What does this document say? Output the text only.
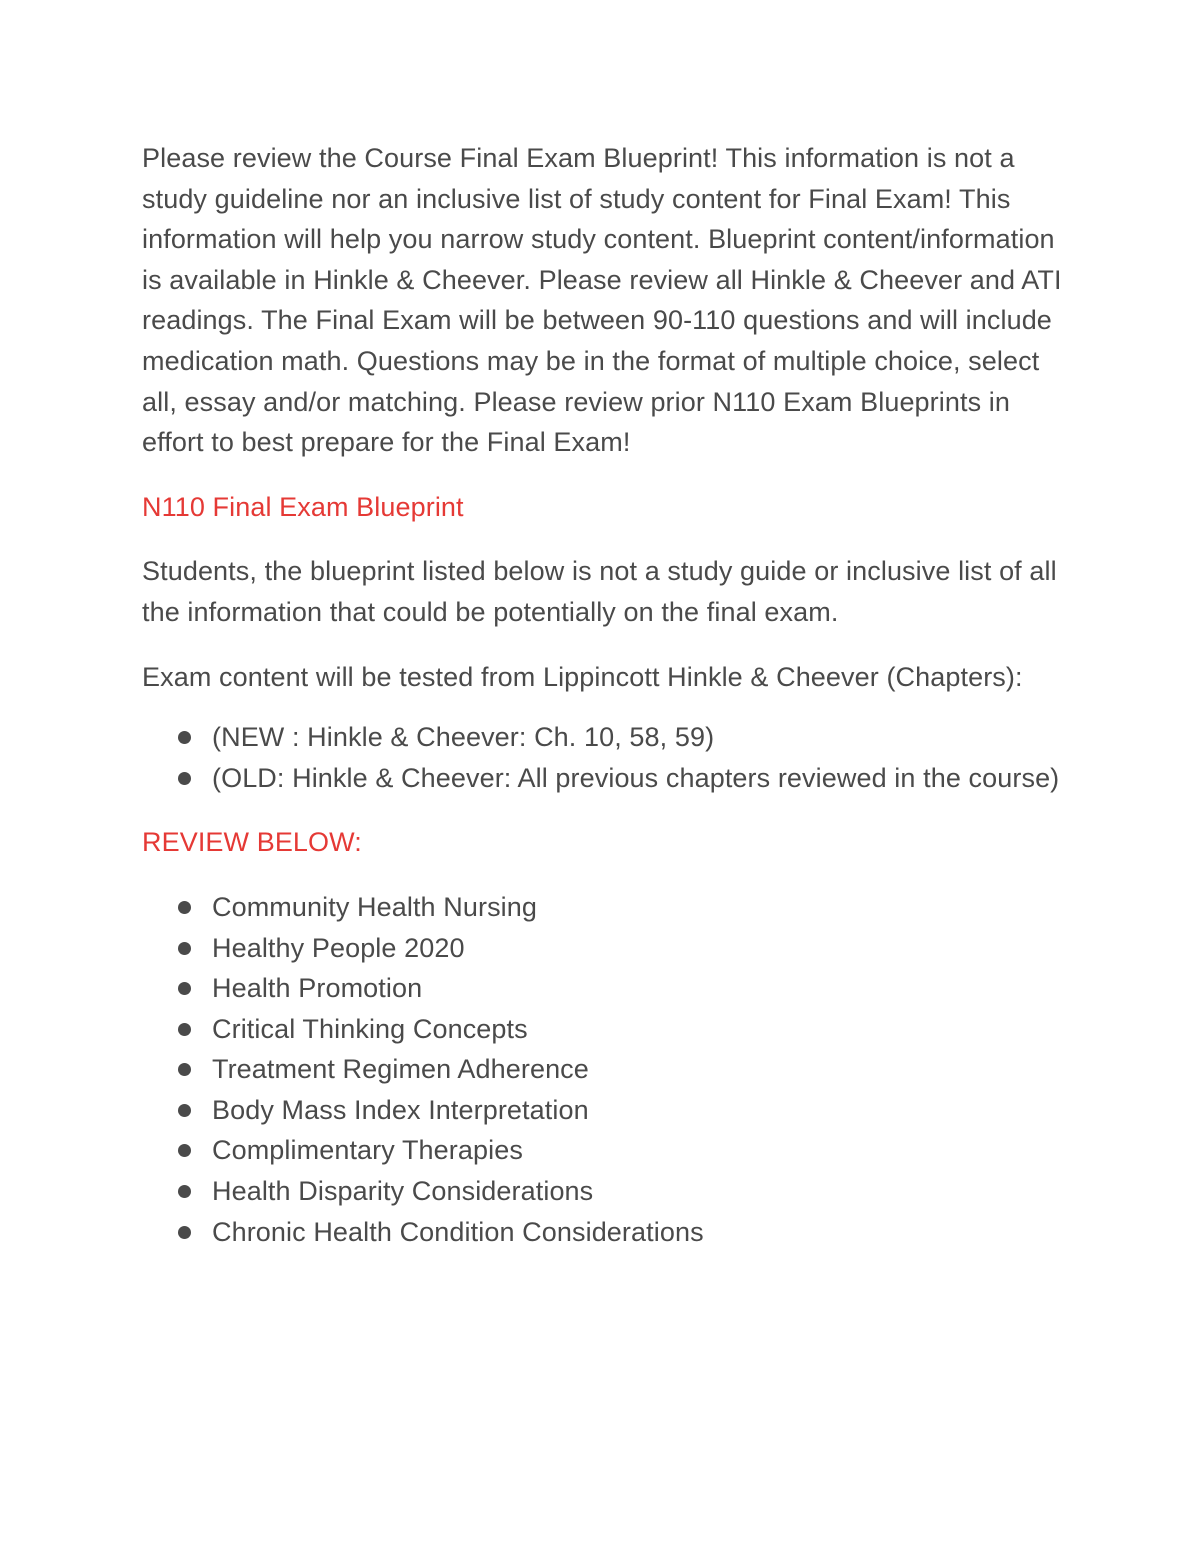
Please review the Course Final Exam Blueprint! This information is not a study guideline nor an inclusive list of study content for Final Exam! This information will help you narrow study content. Blueprint content/information is available in Hinkle & Cheever. Please review all Hinkle & Cheever and ATI readings. The Final Exam will be between 90-110 questions and will include medication math. Questions may be in the format of multiple choice, select all, essay and/or matching. Please review prior N110 Exam Blueprints in effort to best prepare for the Final Exam!

N110 Final Exam Blueprint

Students, the blueprint listed below is not a study guide or inclusive list of all the information that could be potentially on the final exam.

Exam content will be tested from Lippincott Hinkle & Cheever (Chapters):

(NEW : Hinkle & Cheever: Ch. 10, 58, 59)
(OLD: Hinkle & Cheever: All previous chapters reviewed in the course)

REVIEW BELOW:

Community Health Nursing
Healthy People 2020
Health Promotion
Critical Thinking Concepts
Treatment Regimen Adherence
Body Mass Index Interpretation
Complimentary Therapies
Health Disparity Considerations
Chronic Health Condition Considerations
